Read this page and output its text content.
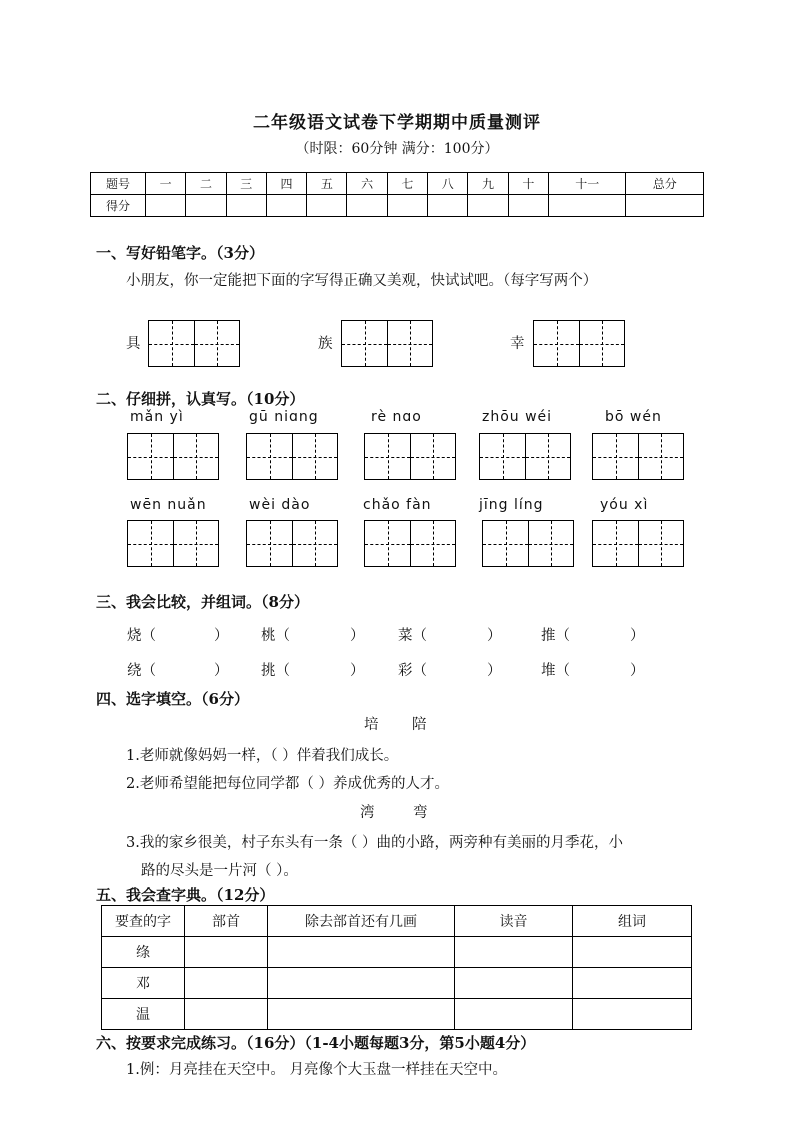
二年级语文试卷下学期期中质量测评
（时限：60分钟 满分：100分）
题号	一	二	三	四	五	六	七	八	九	十	十一	总分
得分												
一、写好铅笔字。（3分）
小朋友，你一定能把下面的字写得正确又美观，快试试吧。（每字写两个）
具	族	幸
二、仔细拼，认真写。（10分）
mǎn yì	gū niɑng	rè nɑo	zhōu wéi	bō wén
wēn nuǎn	wèi dào	chǎo fàn	jīng líng	yóu xì
三、我会比较，并组词。（8分）
烧（	） 桃（	） 菜（	）	推（	）
绕（	） 挑（	） 彩（	）	堆（	）
四、选字填空。（6分）
培 陪
1.老师就像妈妈一样，（ ）伴着我们成长。
2.老师希望能把每位同学都（ ）养成优秀的人才。
湾	弯
3.我的家乡很美，村子东头有一条（ ）曲的小路，两旁种有美丽的月季花，小
路的尽头是一片河（ ）。
五、我会查字典。（12分）
要查的字	部首	除去部首还有几画	读音	组词
绦				
邓				
温				
六、按要求完成练习。（16分）（1-4小题每题3分，第5小题4分）
1.例：月亮挂在天空中。 月亮像个大玉盘一样挂在天空中。
